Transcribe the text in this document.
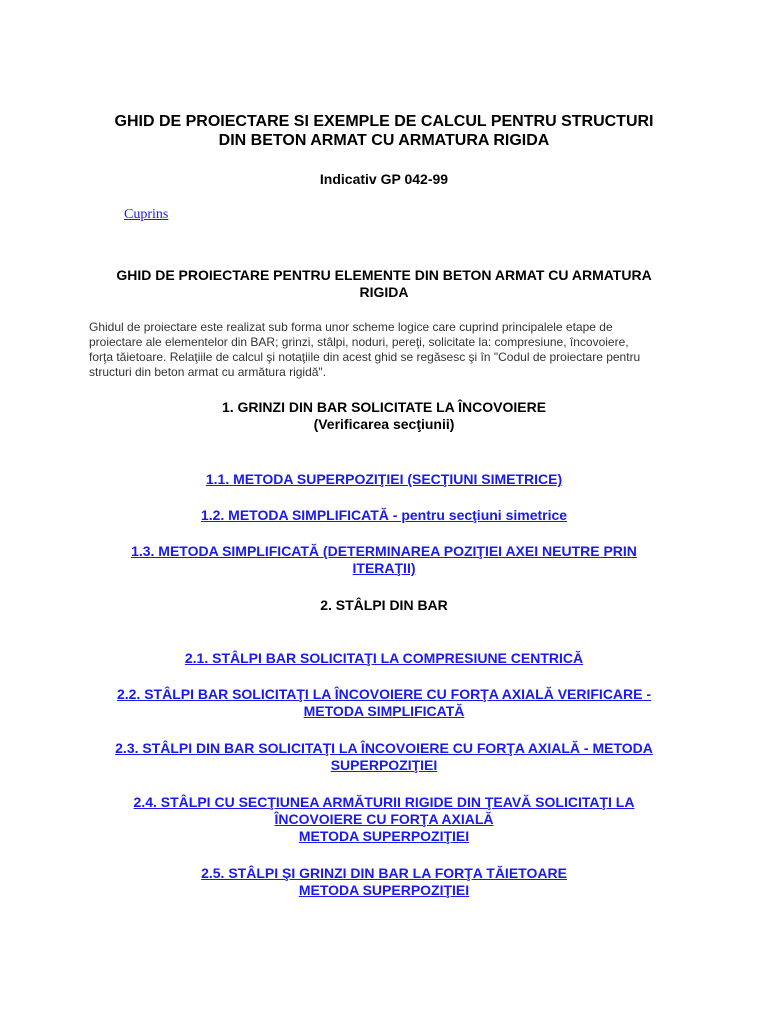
GHID DE PROIECTARE SI EXEMPLE DE CALCUL PENTRU STRUCTURI
DIN BETON ARMAT CU ARMATURA RIGIDA
Indicativ GP 042-99
Cuprins
GHID DE PROIECTARE PENTRU ELEMENTE DIN BETON ARMAT CU ARMATURA
RIGIDA
Ghidul de proiectare este realizat sub forma unor scheme logice care cuprind principalele etape de
proiectare ale elementelor din BAR; grinzi, stâlpi, noduri, pereţi, solicitate la: compresiune, încovoiere,
forţa tăietoare. Relaţiile de calcul şi notaţiile din acest ghid se regăsesc şi în "Codul de proiectare pentru
structuri din beton armat cu armătura rigidă".
1. GRINZI DIN BAR SOLICITATE LA ÎNCOVOIERE
(Verificarea secţiunii)
1.1. METODA SUPERPOZIŢIEI (SECŢIUNI SIMETRICE)
1.2. METODA SIMPLIFICATĂ - pentru secţiuni simetrice
1.3. METODA SIMPLIFICATĂ (DETERMINAREA POZIŢIEI AXEI NEUTRE PRIN
ITERAŢII)
2. STÂLPI DIN BAR
2.1. STÂLPI BAR SOLICITAŢI LA COMPRESIUNE CENTRICĂ
2.2. STÂLPI BAR SOLICITAŢI LA ÎNCOVOIERE CU FORŢA AXIALĂ VERIFICARE -
METODA SIMPLIFICATĂ
2.3. STÂLPI DIN BAR SOLICITAŢI LA ÎNCOVOIERE CU FORŢA AXIALĂ - METODA
SUPERPOZIŢIEI
2.4. STÂLPI CU SECŢIUNEA ARMĂTURII RIGIDE DIN ŢEAVĂ SOLICITAŢI LA
ÎNCOVOIERE CU FORŢA AXIALĂ
METODA SUPERPOZIŢIEI
2.5. STÂLPI ŞI GRINZI DIN BAR LA FORŢA TĂIETOARE
METODA SUPERPOZIŢIEI
